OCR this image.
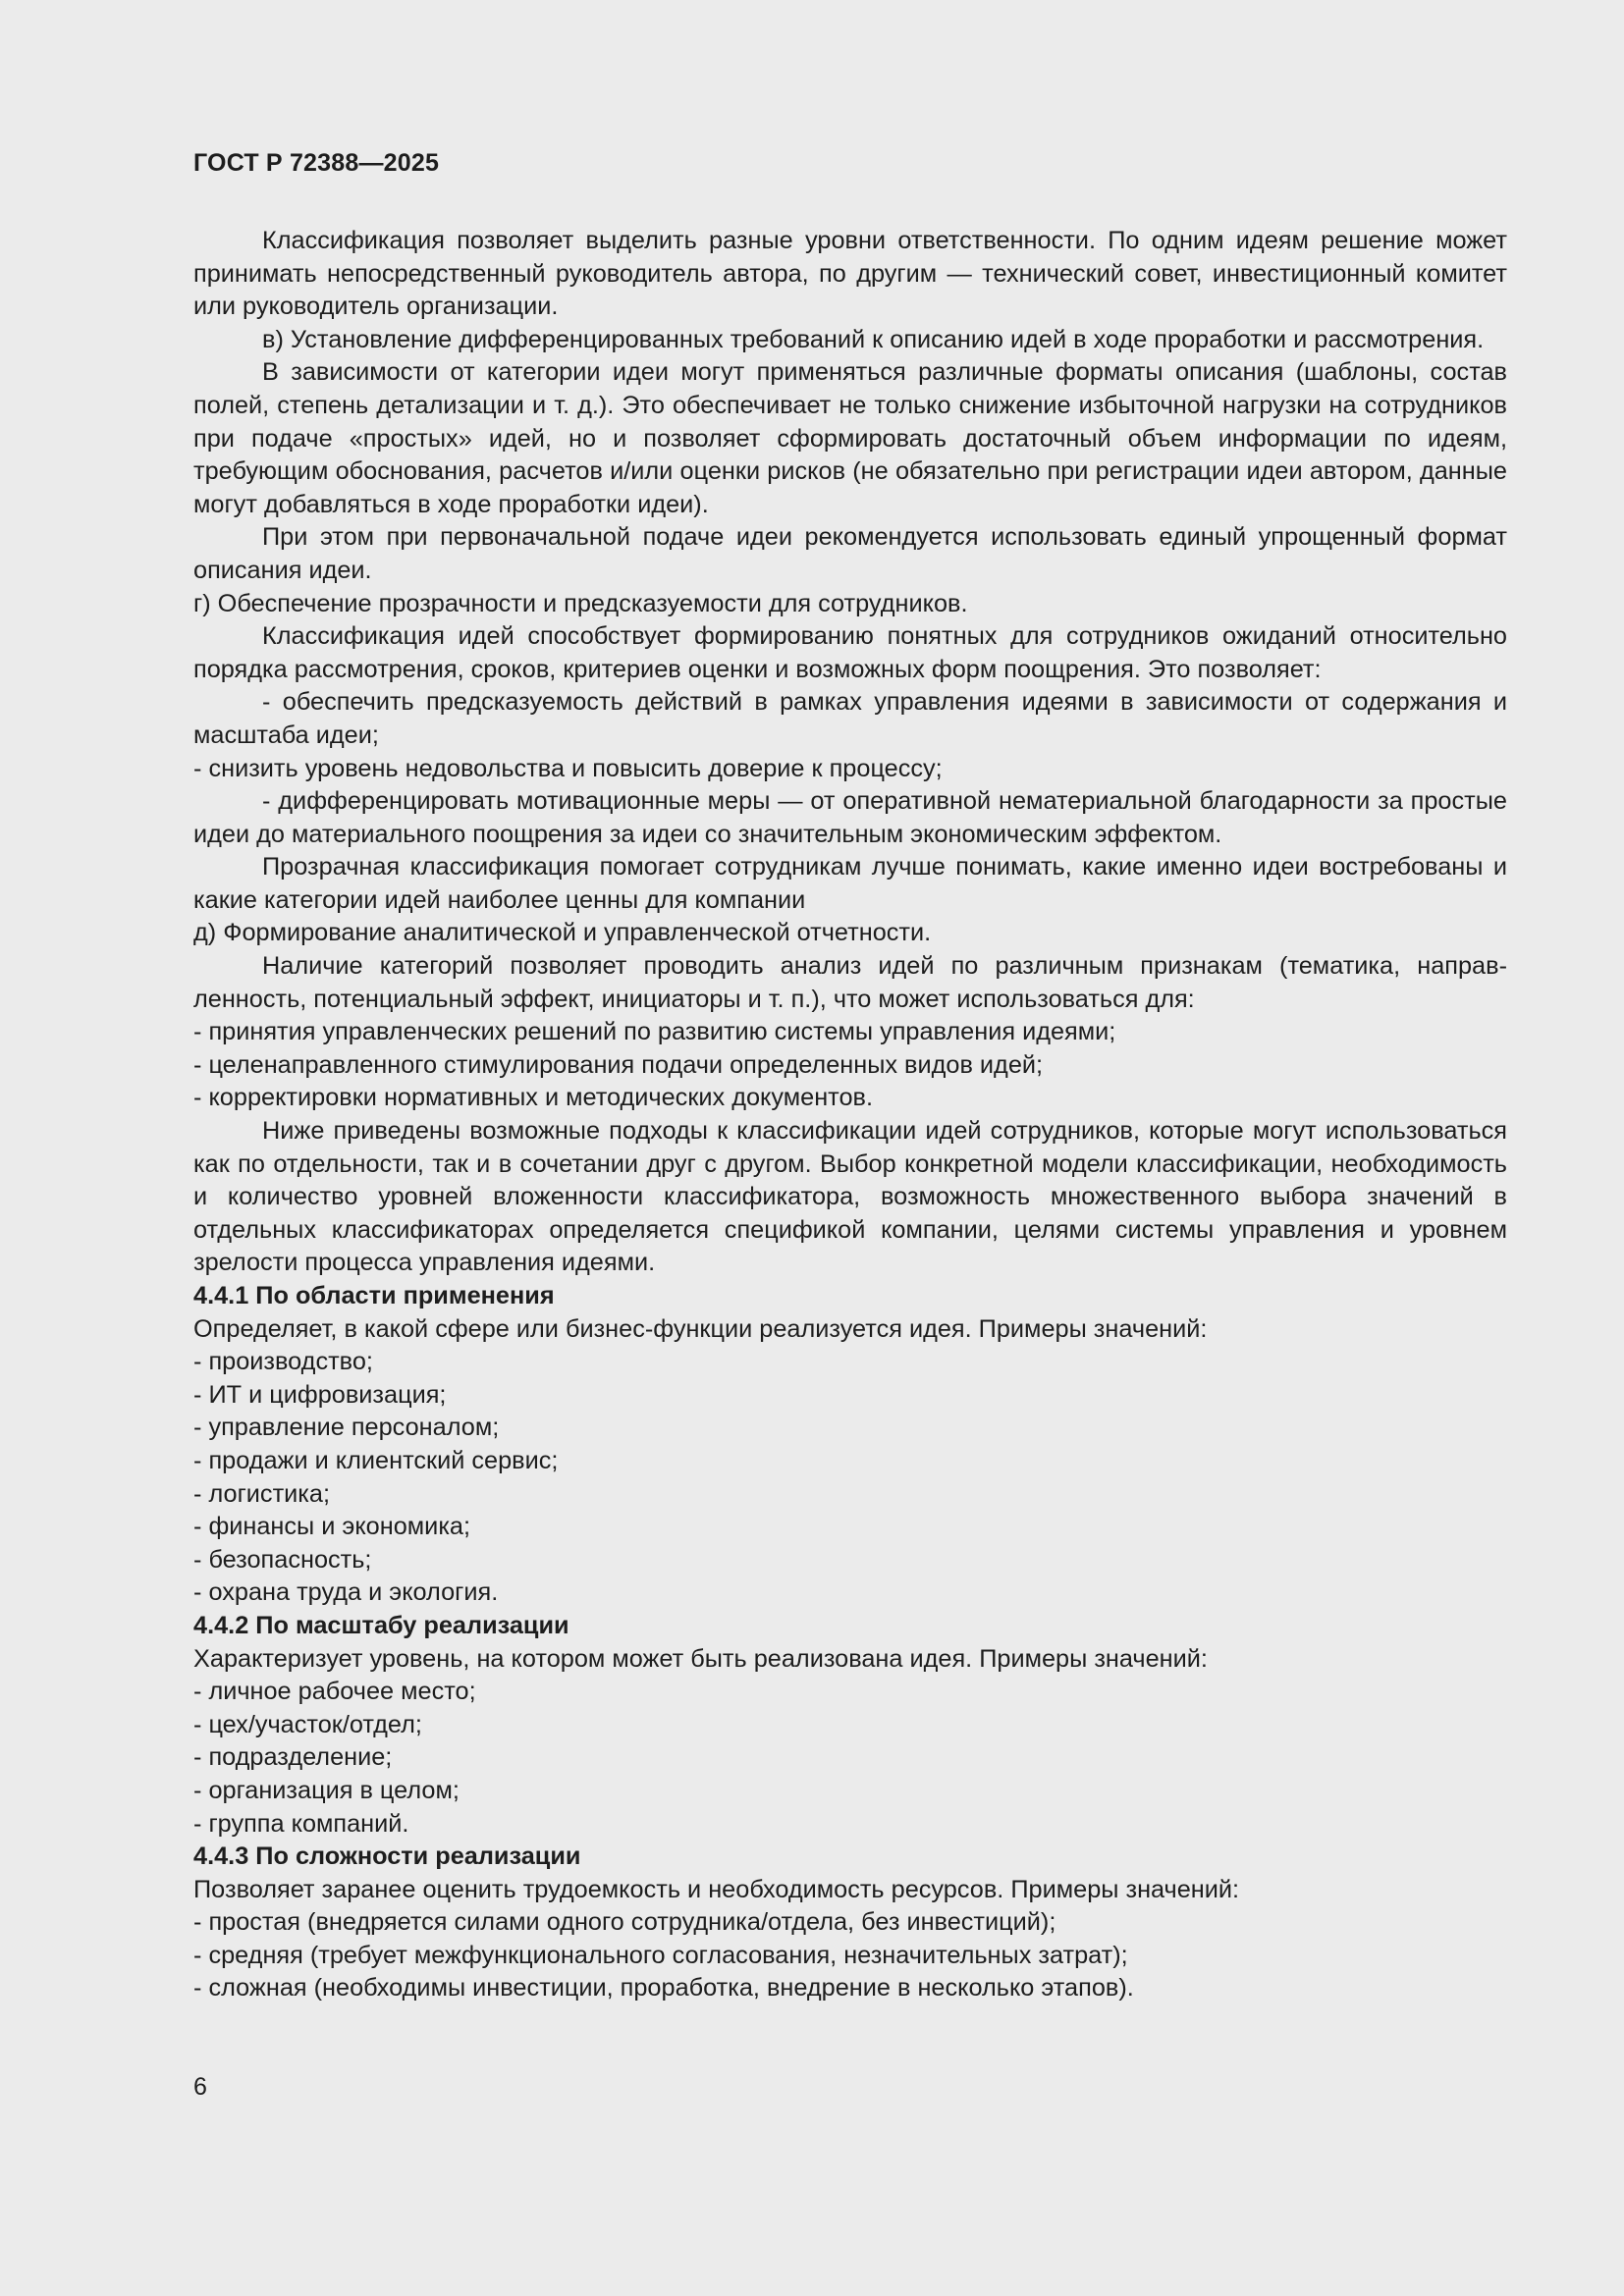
ГОСТ Р 72388—2025

Классификация позволяет выделить разные уровни ответственности. По одним идеям решение может принимать непосредственный руководитель автора, по другим — технический совет, инвестиционный комитет или руководитель организации.

в) Установление дифференцированных требований к описанию идей в ходе проработки и рассмотрения.

В зависимости от категории идеи могут применяться различные форматы описания (шаблоны, состав полей, степень детализации и т. д.). Это обеспечивает не только снижение избыточной нагрузки на сотрудников при подаче «простых» идей, но и позволяет сформировать достаточный объем информации по идеям, требующим обоснования, расчетов и/или оценки рисков (не обязательно при регистрации идеи автором, данные могут добавляться в ходе проработки идеи).

При этом при первоначальной подаче идеи рекомендуется использовать единый упрощенный формат описания идеи.

г) Обеспечение прозрачности и предсказуемости для сотрудников.

Классификация идей способствует формированию понятных для сотрудников ожиданий относительно порядка рассмотрения, сроков, критериев оценки и возможных форм поощрения. Это позволяет:

- обеспечить предсказуемость действий в рамках управления идеями в зависимости от содержания и масштаба идеи;

- снизить уровень недовольства и повысить доверие к процессу;

- дифференцировать мотивационные меры — от оперативной нематериальной благодарности за простые идеи до материального поощрения за идеи со значительным экономическим эффектом.

Прозрачная классификация помогает сотрудникам лучше понимать, какие именно идеи востребованы и какие категории идей наиболее ценны для компании

д) Формирование аналитической и управленческой отчетности.

Наличие категорий позволяет проводить анализ идей по различным признакам (тематика, направленность, потенциальный эффект, инициаторы и т. п.), что может использоваться для:

- принятия управленческих решений по развитию системы управления идеями;

- целенаправленного стимулирования подачи определенных видов идей;

- корректировки нормативных и методических документов.

Ниже приведены возможные подходы к классификации идей сотрудников, которые могут использоваться как по отдельности, так и в сочетании друг с другом. Выбор конкретной модели классификации, необходимость и количество уровней вложенности классификатора, возможность множественного выбора значений в отдельных классификаторах определяется спецификой компании, целями системы управления и уровнем зрелости процесса управления идеями.

4.4.1 По области применения

Определяет, в какой сфере или бизнес-функции реализуется идея. Примеры значений:

- производство;

- ИТ и цифровизация;

- управление персоналом;

- продажи и клиентский сервис;

- логистика;

- финансы и экономика;

- безопасность;

- охрана труда и экология.

4.4.2 По масштабу реализации

Характеризует уровень, на котором может быть реализована идея. Примеры значений:

- личное рабочее место;

- цех/участок/отдел;

- подразделение;

- организация в целом;

- группа компаний.

4.4.3 По сложности реализации

Позволяет заранее оценить трудоемкость и необходимость ресурсов. Примеры значений:

- простая (внедряется силами одного сотрудника/отдела, без инвестиций);

- средняя (требует межфункционального согласования, незначительных затрат);

- сложная (необходимы инвестиции, проработка, внедрение в несколько этапов).

6
